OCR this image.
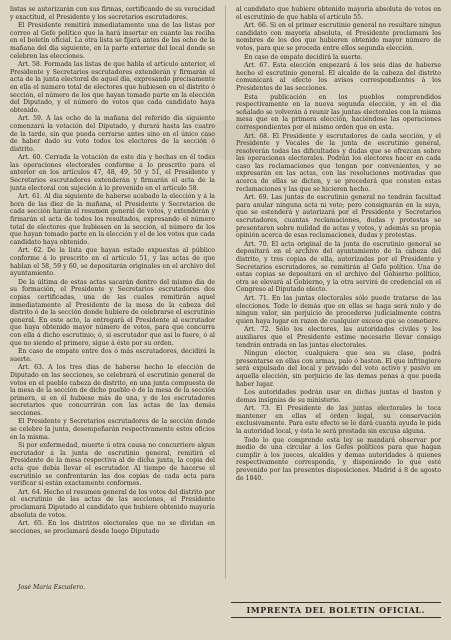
listas se autorizarán con sus firmas, certificando de su veracidad y exactitud, el Presidente y los secretarios escrutadores.

El Presidente remitirá inmediatamente una de las listas por correo al Gefe político que la hará insertar en cuanto las reciba en el boletín oficial. La otra lista se fijará antes de las ocho de la mañana del dia siguiente, en la parte exterior del local donde se celebren las elecciones.

Art. 58. Formada las listas de que habla el artículo anterior, el Presidente y Secretarios escrutadores extenderán y firmarán el acta de la junta electoral de aquel dia, expresando precisamente en ella el número total de electores que hubiesen en el distrito ó sección, el número de los que hayan tomado parte en la elección del Diputado, y el número de votos que cada candidato haya obtenido.

Art. 59. A las ocho de la mañana del referido dia siguiente comenzará la votación del Diputado, y durará hasta las cuatro de la tarde, sin que pueda cerrarse antes sino en el único caso de haber dado su voto todos los electores de la sección ó distrito.

Art. 60. Cerrada la votación de este dia y hechas en él todas las operaciones electorales conforme á lo prescrito para el anterior en los artículos 47, 48, 49, 50 y 51, el Presidente y Secretarios escrutadores extenderán y firmarán el acta de la junta electoral con sujeción á lo prevenido en el artículo 58.

Art. 61. Al dia siguiente de haberse acabado la elección y á la hora de las diez de la mañana, el Presidente y Secretarios de cada sección harán el resumen general de votos, y extenderán y firmarán el acta de todos los resultados, expresando el número total de electores que hubiesen en la sección, el número de los que hayan tomado parte en la elección y el de los votos que cada candidato haya obtenido.

Art. 62. De la lista que hayan estado expuestas al público conforme á lo prescrito en el artículo 51, y las actas de que hablan el 58, 59 y 60, se depositarán originales en el archivo del ayuntamiento.

De la última de estas actas sacarán dentro del mismo dia de su formación, el Presidente y Secretarios escrutadores dos copias certificadas, una de las cuales remitirán aquel inmediatamente al Presidente de la mesa de la cabeza del distrito ó de la sección donde hubiere de celebrarse el escrutinio general. En este acto, la entregará el Presidente al escrutador que haya obtenido mayor número de votos, para que concurra con ella á dicho escrutinio; ó, si escrutador que así lo fuere, ó al que no siendo el primero, sigue á éste por su orden.

En caso de empate entre dos ó más escrutadores, decidirá la suerte.

Art. 63. A los tres dias de haberse hecho la elección de Diputado en las secciones, se celebrará el escrutinio general de votos en el pueblo cabeza de distrito, en una junta compuesta de la mesa de la sección de dicho pueblo ó de la mesa de la sección primera, si en él hubiese más de una, y de los escrutadores secretarios que concurrirán con las actas de las demás secciones.

El Presidente y Secretarios escrutadores de la sección donde se celebre la junta, desempeñarán respectivamente estos oficios en la misma.

Si por enfermedad, muerte ú otra causa no concurriere algun escrutador á la junta de escrutinio general, remitirá el Presidente de la mesa respectiva al de dicha junta, la copia del acta que debía llevar el escrutador. Al tiempo de hacerse el escrutinio se confrontarán las dos copias de cada acta para verificar si están exactamente conformes.

Art. 64. Hecho el resumen general de los votos del distrito por el escrutinio de las actas de las secciones, el Presidente proclamará Diputado al candidato que hubiere obtenido mayoría absoluta de votos.

Art. 65. En los distritos electorales que no se dividan en secciones, se proclamará desde luego Diputado

al candidato que hubiere obtenido mayoría absoluta de votos en el escrutinio de que habla el artículo 55.

Art. 66. Si en el primer escrutinio general no resultare ningun candidato con mayoría absoluta, el Presidente proclamará los nombres de los dos que hubieren obtenido mayor número de votos, para que se proceda entre ellos segunda elección.

En caso de empate decidirá la suerte.

Art. 67. Esta elección empezará á los seis dias de haberse hecho el escrutinio general. El alcalde de la cabeza del distrito comunicará al efecto los avisos correspondientes á los Presidentes de las secciones.

Esta publicación en los pueblos comprendidos respectivamente en la nueva segunda elección, y en el dia señalado se volverán á reunir las juntas electorales con la misma mesa que en la primera elección, haciéndose las operaciones correspondientes por el mismo orden que en esta.

Art. 68. El Presidente y escrutadores de cada sección, y el Presidente y Vocales de la junta de escrutinio general, resolverán todas las dificultades y dudas que se ofrezcan sobre las operaciones electorales. Podrán los electores hacer en cada caso las reclamaciones que tengan por convenientes, y se expresarán en las actas, con las resoluciones motivadas que acerca de ellas se dicten, y se procederá que consten estas reclamaciones y las que se hicieren hecho.

Art. 69. Las juntas de escrutinio general no tendrán facultad para anular ninguna acta ni voto; pero consignarán en la suya, que se estenderá y autorizará por el Presidente y Secretarios escrutadores, cuantas reclamaciones, dudas y protestas se presentaren sobre nulidad de actas y votos, y además su propia opinión acerca de esas reclamaciones, dudas y protestas.

Art. 70. El acta original de la junta de escrutinio general se depositará en el archivo del ayuntamiento de la cabeza del distrito, y tres copias de ella, autorizadas por el Presidente y Secretarios escrutadores, se remitirán al Gefe político. Una de estas copias se depositará en el archivo del Gobierno político, otra se elevará al Gobierno, y la otra servirá de credencial en el Congreso al Diputado electo.

Art. 71. En las juntas electorales sólo puede tratarse de las elecciones. Todo lo demás que en ellas se haga será nulo y de ningun valor, sin perjuicio de procederse judicialmente contra quien haya lugar en razon de cualquier exceso que se cometiere.

Art. 72. Sólo los electores, las autoridades civiles y los auxiliares que el Presidente estime necesario llevar consigo tendrán entrada en las juntas electorales.

Ningun elector, cualquiera que sea su clase, podrá presentarse en ellas con armas, palo ó baston. El que infringiere será expulsado del local y privado del voto activo y pasivo en aquella elección, sin perjuicio de las demas penas á que pueda haber lugar.

Los autoridades podrán usar en dichas juntas el baston y demas insignias de su ministerio.

Art. 73. El Presidente de las juntas electorales le toca mantener en ellas el órden legal, su conservación exclusivamente. Para este efecto se le dará cuanta ayuda le pida la autoridad local, y ésta le será prestada sin excusa alguna.

Todo lo que comprende esta ley se mandará observar por medio de una circular á los Gefes políticos para que hagan cumplir á los jueces, alcaldes y demas autoridades á quienes respectivamente corresponda, y disponiendo lo que esté prevenido por las presentes disposiciones. Madrid á 8 de agosto de 1840.

José María Escudero.

IMPRENTA DEL BOLETIN OFICIAL.
